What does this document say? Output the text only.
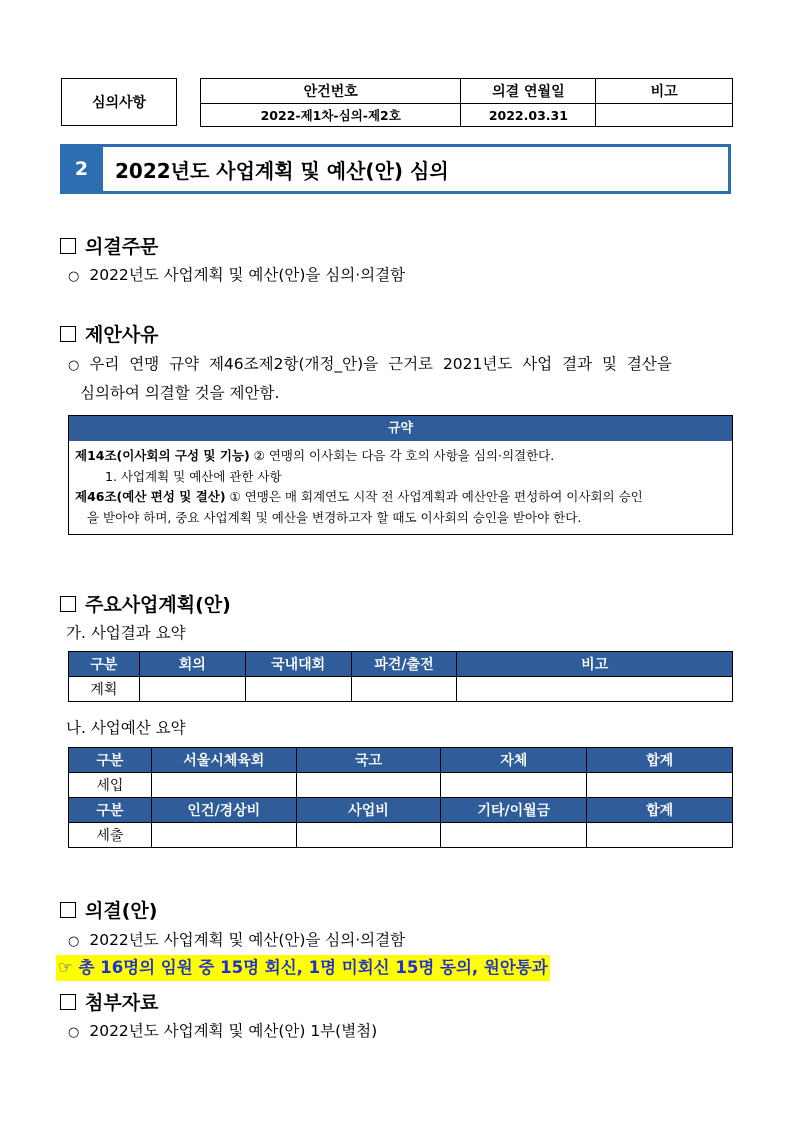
심의사항
안건번호	의결 연월일	비고
2022-제1차-심의-제2호	2022.03.31	
2	2022년도 사업계획 및 예산(안) 심의
의결주문
○ 2022년도 사업계획 및 예산(안)을 심의·의결함
제안사유
○ 우리 연맹 규약 제46조제2항(개정_안)을 근거로 2021년도 사업 결과 및 결산을
심의하여 의결할 것을 제안함.
규약
제14조(이사회의 구성 및 기능) ② 연맹의 이사회는 다음 각 호의 사항을 심의·의결한다.
1. 사업계획 및 예산에 관한 사항
제46조(예산 편성 및 결산) ① 연맹은 매 회계연도 시작 전 사업계획과 예산안을 편성하여 이사회의 승인
을 받아야 하며, 중요 사업계획 및 예산을 변경하고자 할 때도 이사회의 승인을 받아야 한다.
주요사업계획(안)
가. 사업결과 요약
구분	회의	국내대회	파견/출전	비고
계획				
나. 사업예산 요약
구분	서울시체육회	국고	자체	합계
세입				
구분	인건/경상비	사업비	기타/이월금	합계
세출				
의결(안)
○ 2022년도 사업계획 및 예산(안)을 심의·의결함
☞ 총 16명의 임원 중 15명 회신, 1명 미회신 15명 동의, 원안통과
첨부자료
○ 2022년도 사업계획 및 예산(안) 1부(별첨)
